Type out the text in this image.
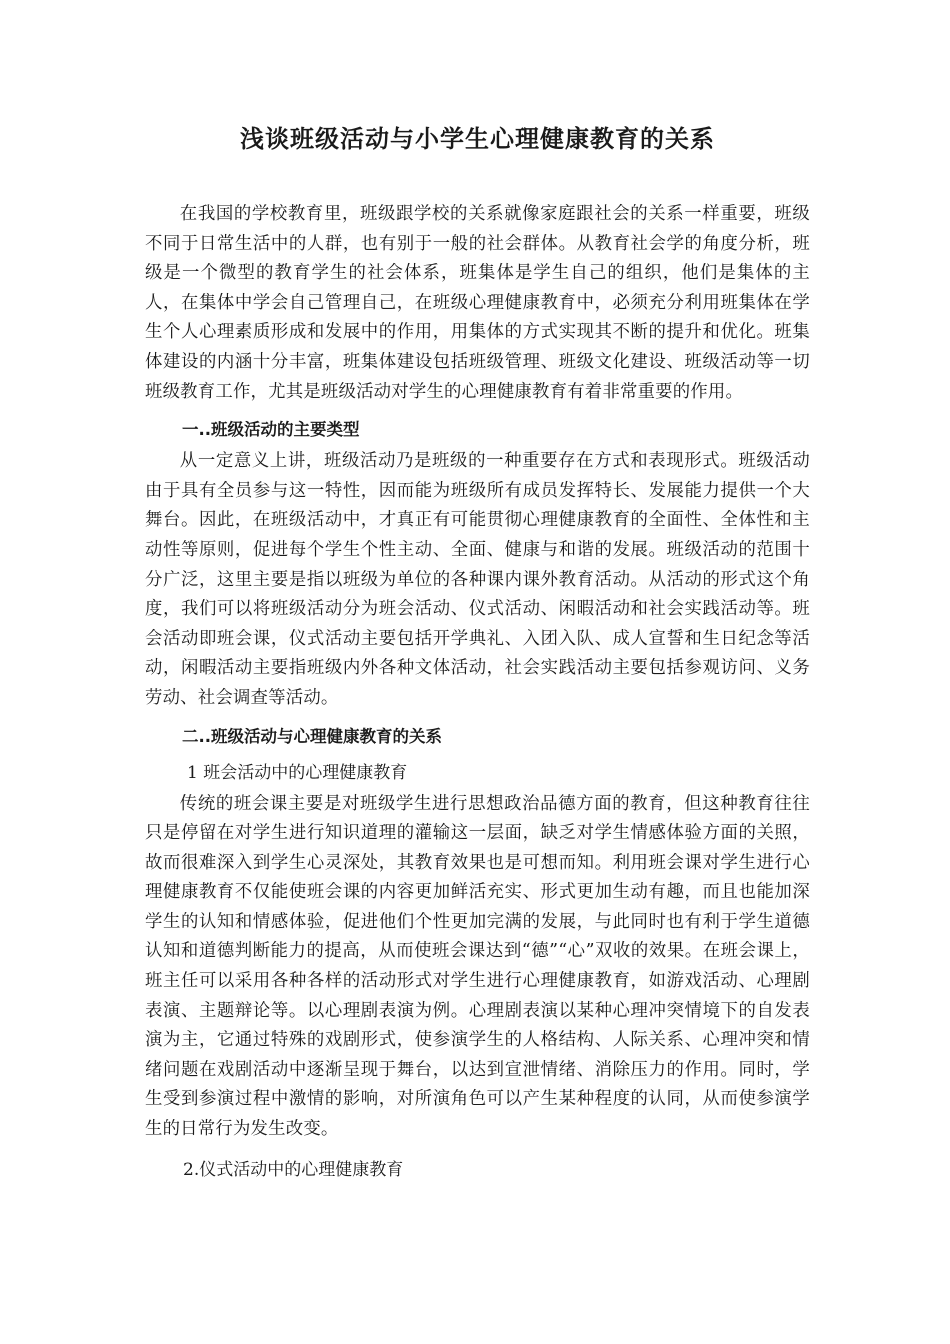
浅谈班级活动与小学生心理健康教育的关系

在我国的学校教育里，班级跟学校的关系就像家庭跟社会的关系一样重要，班级不同于日常生活中的人群，也有别于一般的社会群体。从教育社会学的角度分析，班级是一个微型的教育学生的社会体系，班集体是学生自己的组织，他们是集体的主人，在集体中学会自己管理自己，在班级心理健康教育中，必须充分利用班集体在学生个人心理素质形成和发展中的作用，用集体的方式实现其不断的提升和优化。班集体建设的内涵十分丰富，班集体建设包括班级管理、班级文化建设、班级活动等一切班级教育工作，尤其是班级活动对学生的心理健康教育有着非常重要的作用。

一..班级活动的主要类型

从一定意义上讲，班级活动乃是班级的一种重要存在方式和表现形式。班级活动由于具有全员参与这一特性，因而能为班级所有成员发挥特长、发展能力提供一个大舞台。因此，在班级活动中，才真正有可能贯彻心理健康教育的全面性、全体性和主动性等原则，促进每个学生个性主动、全面、健康与和谐的发展。班级活动的范围十分广泛，这里主要是指以班级为单位的各种课内课外教育活动。从活动的形式这个角度，我们可以将班级活动分为班会活动、仪式活动、闲暇活动和社会实践活动等。班会活动即班会课，仪式活动主要包括开学典礼、入团入队、成人宣誓和生日纪念等活动，闲暇活动主要指班级内外各种文体活动，社会实践活动主要包括参观访问、义务劳动、社会调查等活动。

二..班级活动与心理健康教育的关系
1 班会活动中的心理健康教育

传统的班会课主要是对班级学生进行思想政治品德方面的教育，但这种教育往往只是停留在对学生进行知识道理的灌输这一层面，缺乏对学生情感体验方面的关照，故而很难深入到学生心灵深处，其教育效果也是可想而知。利用班会课对学生进行心理健康教育不仅能使班会课的内容更加鲜活充实、形式更加生动有趣，而且也能加深学生的认知和情感体验，促进他们个性更加完满的发展，与此同时也有利于学生道德认知和道德判断能力的提高，从而使班会课达到“德”“心”双收的效果。在班会课上，班主任可以采用各种各样的活动形式对学生进行心理健康教育，如游戏活动、心理剧表演、主题辩论等。以心理剧表演为例。心理剧表演以某种心理冲突情境下的自发表演为主，它通过特殊的戏剧形式，使参演学生的人格结构、人际关系、心理冲突和情绪问题在戏剧活动中逐渐呈现于舞台，以达到宣泄情绪、消除压力的作用。同时，学生受到参演过程中激情的影响，对所演角色可以产生某种程度的认同，从而使参演学生的日常行为发生改变。

2.仪式活动中的心理健康教育
